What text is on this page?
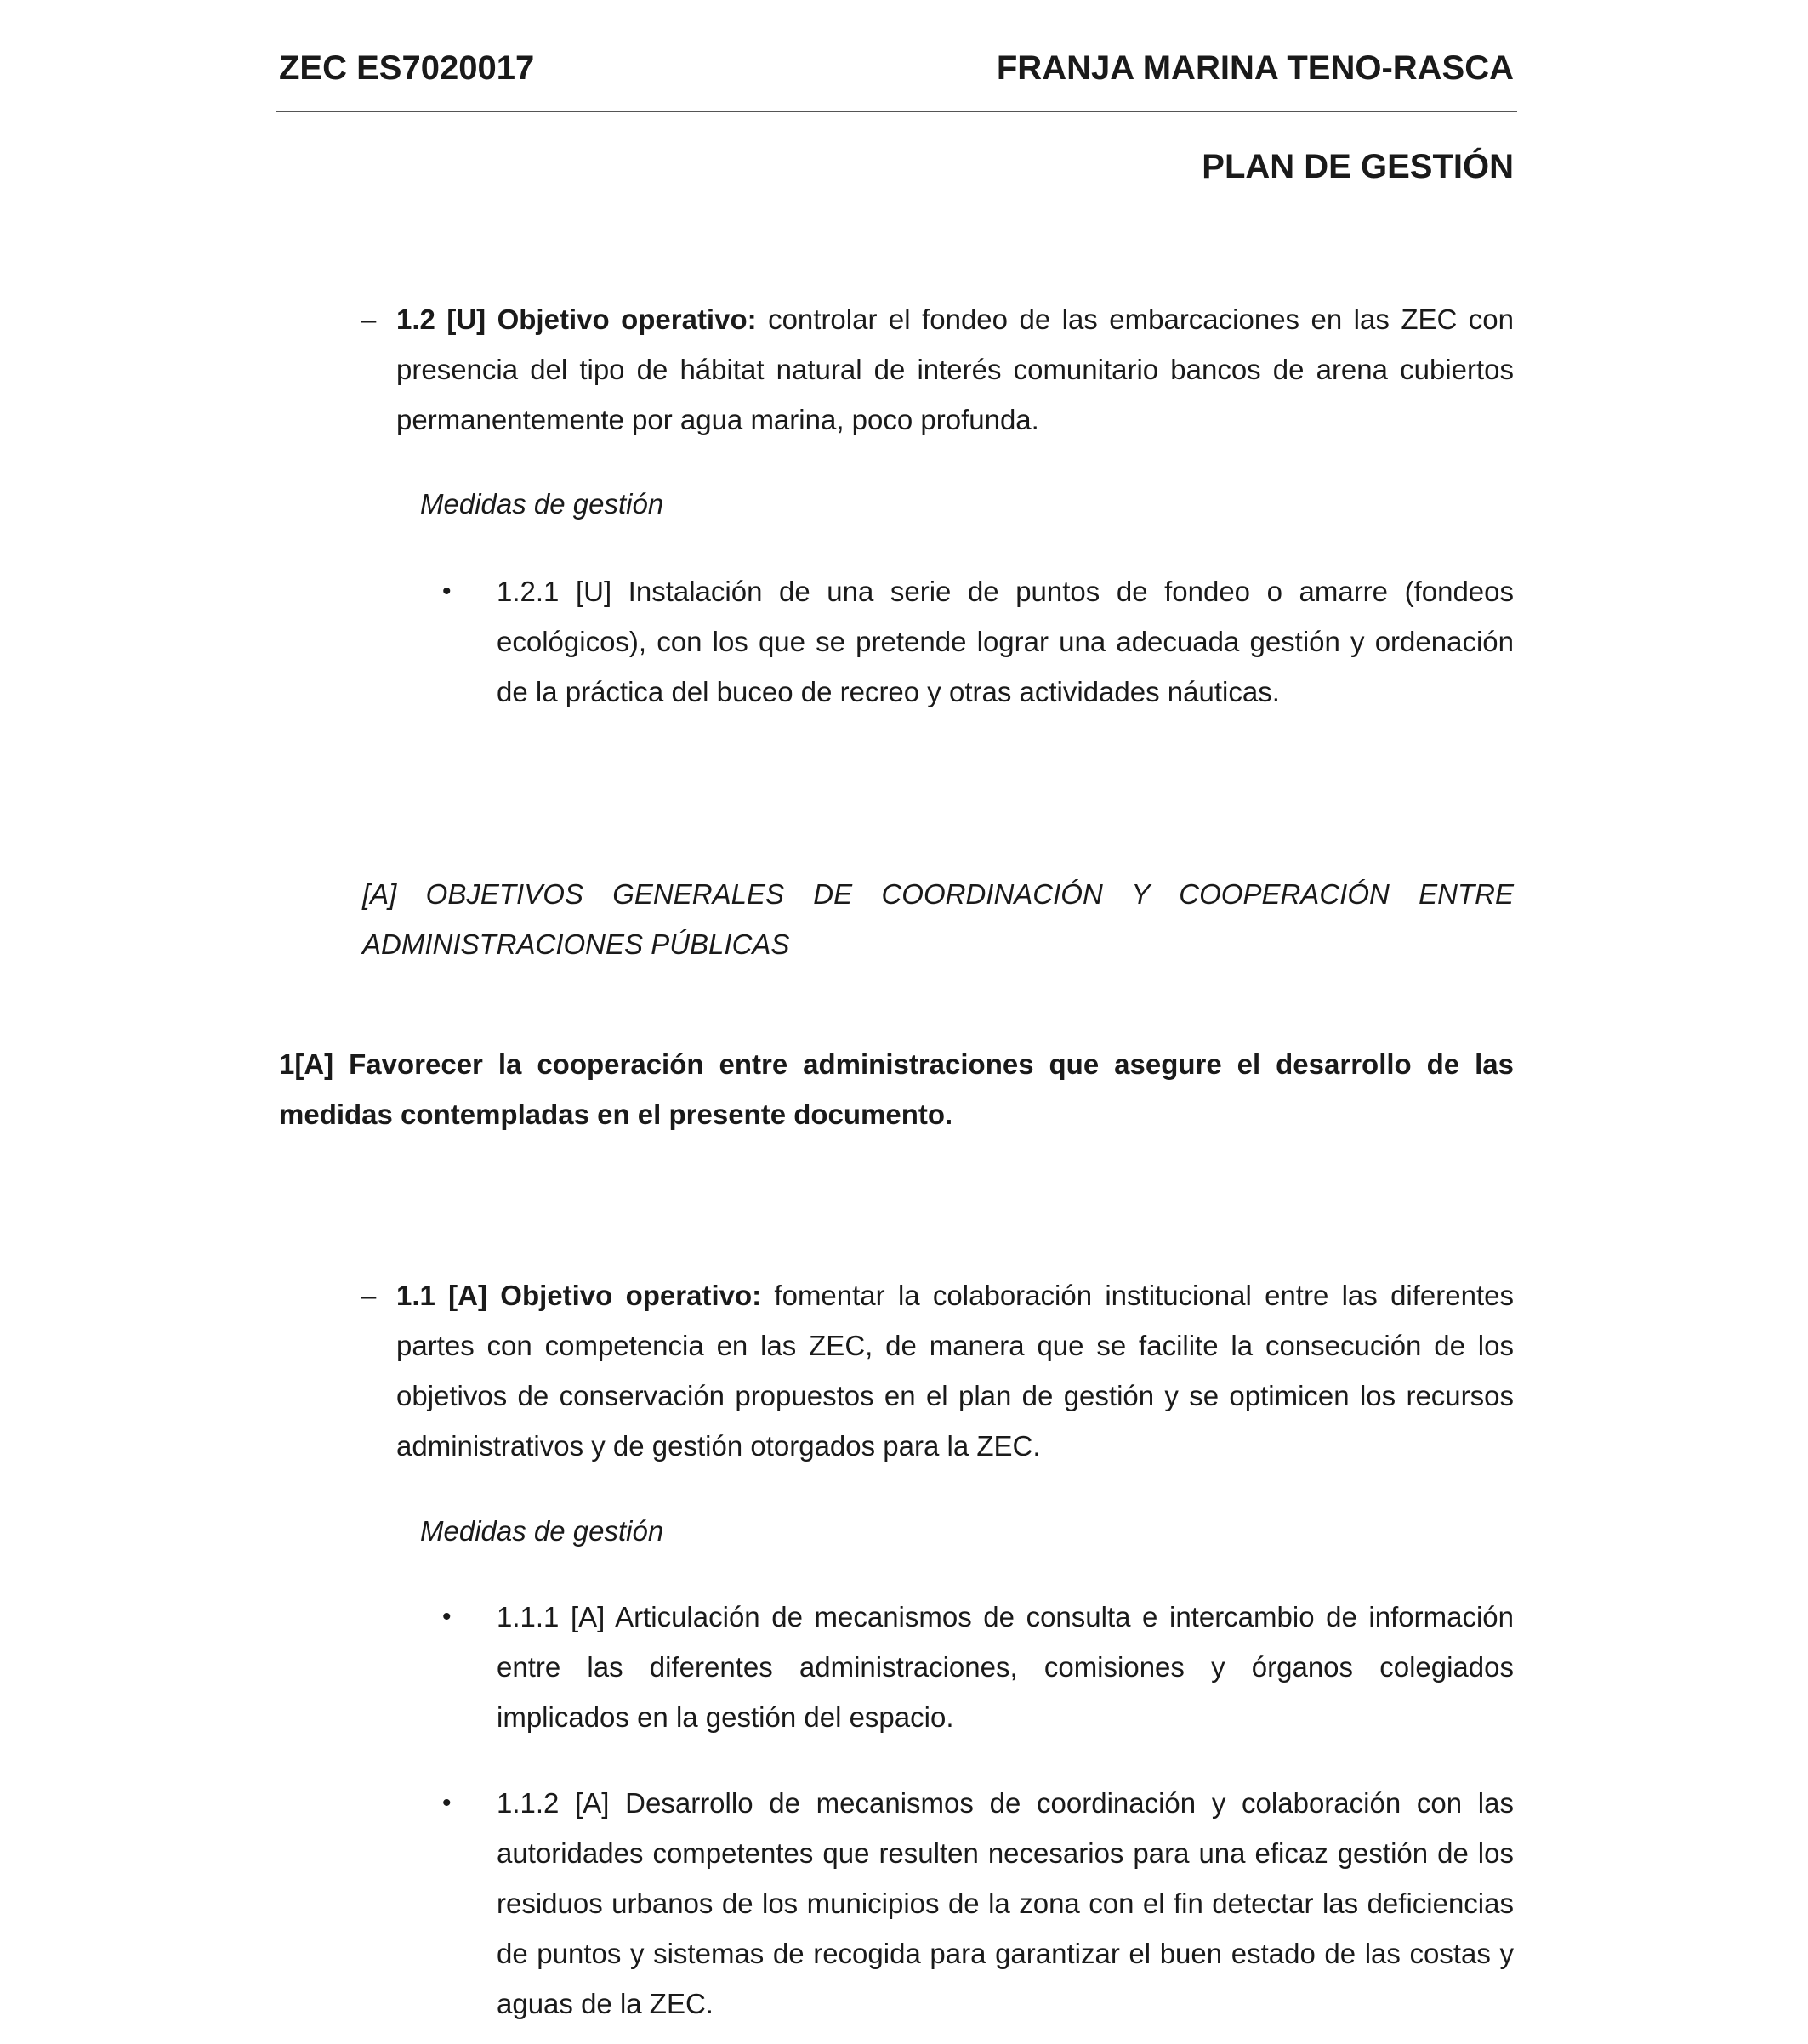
ZEC ES7020017	FRANJA MARINA TENO-RASCA
PLAN DE GESTIÓN
– 1.2 [U] Objetivo operativo: controlar el fondeo de las embarcaciones en las ZEC con presencia del tipo de hábitat natural de interés comunitario bancos de arena cubiertos permanentemente por agua marina, poco profunda.

Medidas de gestión
• 1.2.1 [U] Instalación de una serie de puntos de fondeo o amarre (fondeos ecológicos), con los que se pretende lograr una adecuada gestión y ordenación de la práctica del buceo de recreo y otras actividades náuticas.
[A] OBJETIVOS GENERALES DE COORDINACIÓN Y COOPERACIÓN ENTRE ADMINISTRACIONES PÚBLICAS
1[A] Favorecer la cooperación entre administraciones que asegure el desarrollo de las medidas contempladas en el presente documento.
– 1.1 [A] Objetivo operativo: fomentar la colaboración institucional entre las diferentes partes con competencia en las ZEC, de manera que se facilite la consecución de los objetivos de conservación propuestos en el plan de gestión y se optimicen los recursos administrativos y de gestión otorgados para la ZEC.

Medidas de gestión
• 1.1.1 [A] Articulación de mecanismos de consulta e intercambio de información entre las diferentes administraciones, comisiones y órganos colegiados implicados en la gestión del espacio.
• 1.1.2 [A] Desarrollo de mecanismos de coordinación y colaboración con las autoridades competentes que resulten necesarios para una eficaz gestión de los residuos urbanos de los municipios de la zona con el fin detectar las deficiencias de puntos y sistemas de recogida para garantizar el buen estado de las costas y aguas de la ZEC.
